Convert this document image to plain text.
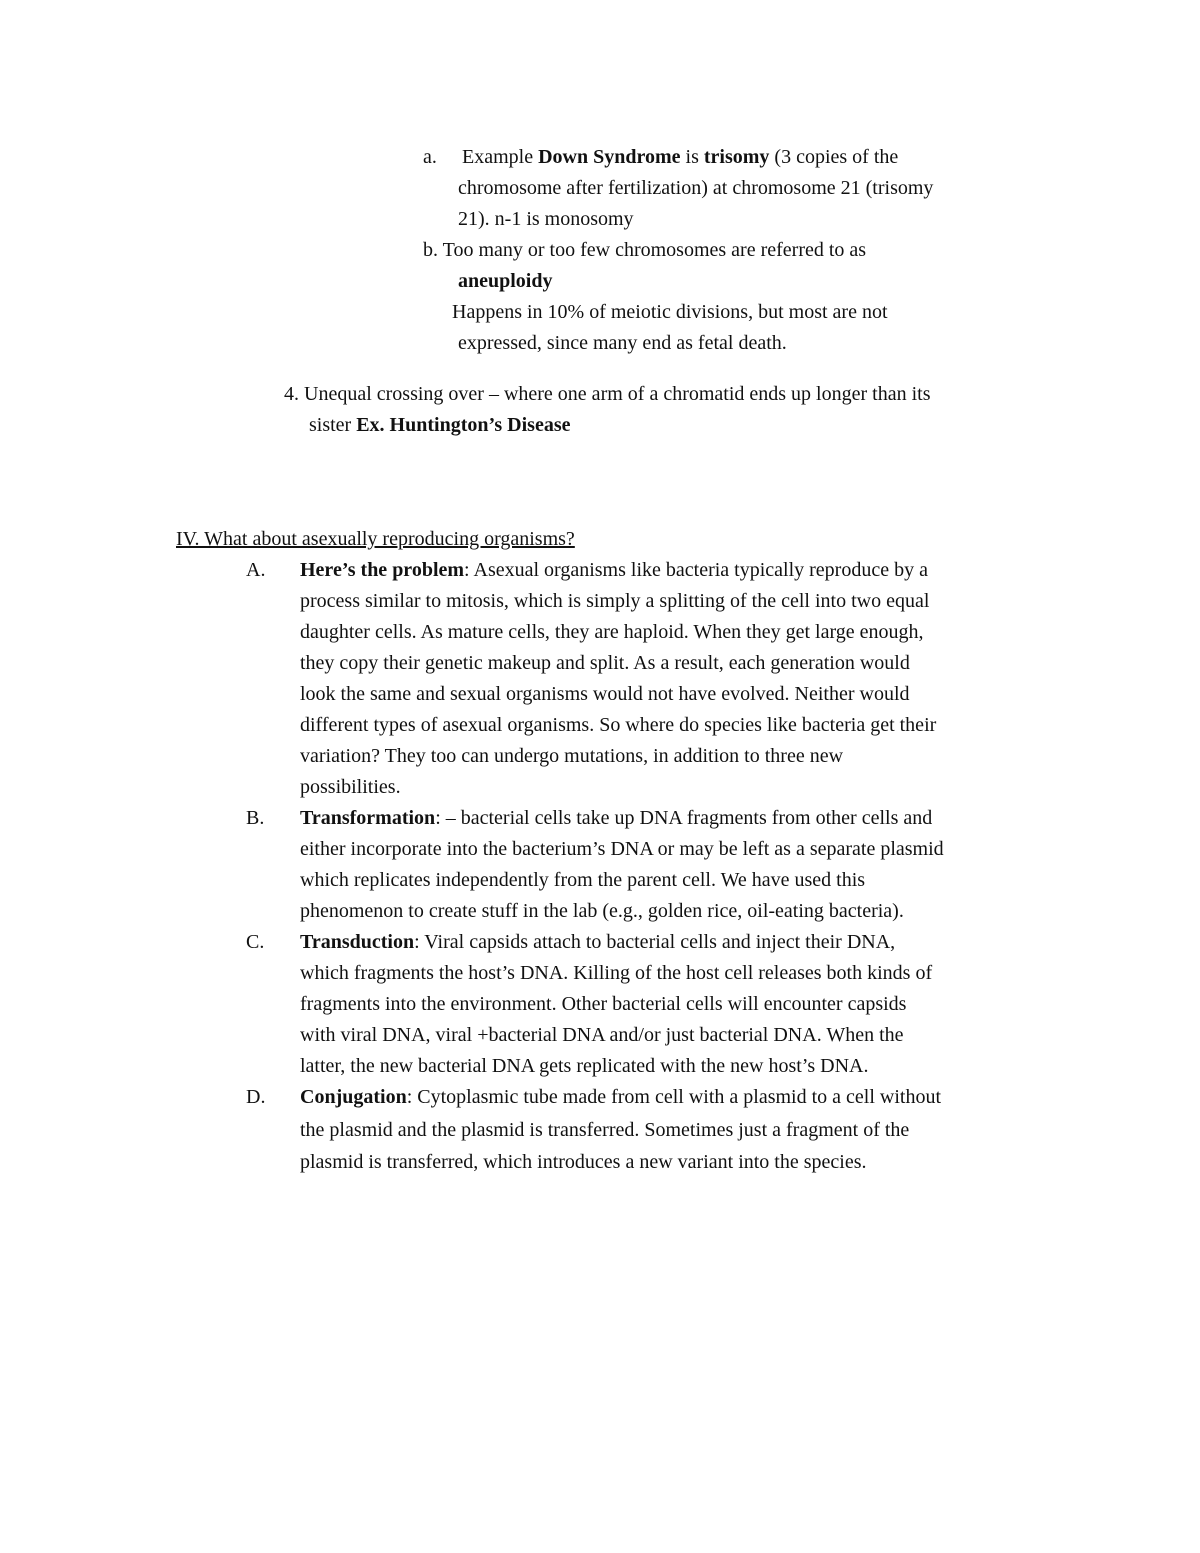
a. Example Down Syndrome is trisomy (3 copies of the
chromosome after fertilization) at chromosome 21 (trisomy
21). n-1 is monosomy
b. Too many or too few chromosomes are referred to as
aneuploidy
Happens in 10% of meiotic divisions, but most are not
expressed, since many end as fetal death.
4. Unequal crossing over – where one arm of a chromatid ends up longer than its
sister Ex. Huntington’s Disease
IV. What about asexually reproducing organisms?
A. Here’s the problem: Asexual organisms like bacteria typically reproduce by a
process similar to mitosis, which is simply a splitting of the cell into two equal
daughter cells. As mature cells, they are haploid. When they get large enough,
they copy their genetic makeup and split. As a result, each generation would
look the same and sexual organisms would not have evolved. Neither would
different types of asexual organisms. So where do species like bacteria get their
variation? They too can undergo mutations, in addition to three new
possibilities.
B. Transformation: – bacterial cells take up DNA fragments from other cells and
either incorporate into the bacterium’s DNA or may be left as a separate plasmid
which replicates independently from the parent cell. We have used this
phenomenon to create stuff in the lab (e.g., golden rice, oil-eating bacteria).
C. Transduction: Viral capsids attach to bacterial cells and inject their DNA,
which fragments the host’s DNA. Killing of the host cell releases both kinds of
fragments into the environment. Other bacterial cells will encounter capsids
with viral DNA, viral +bacterial DNA and/or just bacterial DNA. When the
latter, the new bacterial DNA gets replicated with the new host’s DNA.
D. Conjugation: Cytoplasmic tube made from cell with a plasmid to a cell without
the plasmid and the plasmid is transferred. Sometimes just a fragment of the
plasmid is transferred, which introduces a new variant into the species.
